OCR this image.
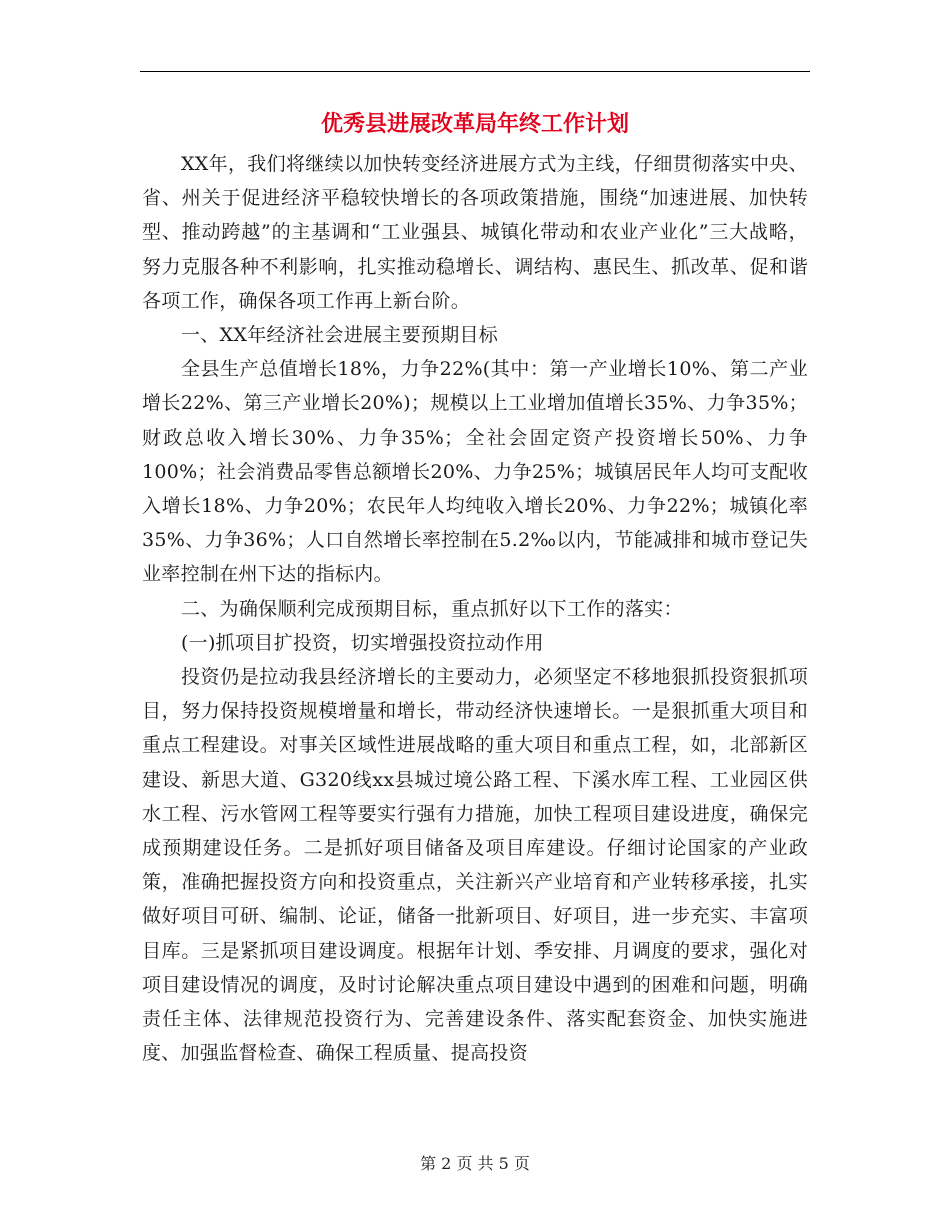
优秀县进展改革局年终工作计划

XX年，我们将继续以加快转变经济进展方式为主线，仔细贯彻落实中央、省、州关于促进经济平稳较快增长的各项政策措施，围绕“加速进展、加快转型、推动跨越”的主基调和“工业强县、城镇化带动和农业产业化”三大战略，努力克服各种不利影响，扎实推动稳增长、调结构、惠民生、抓改革、促和谐各项工作，确保各项工作再上新台阶。

一、XX年经济社会进展主要预期目标

全县生产总值增长18%，力争22%(其中：第一产业增长10%、第二产业增长22%、第三产业增长20%)；规模以上工业增加值增长35%、力争35%；财政总收入增长30%、力争35%；全社会固定资产投资增长50%、力争100%；社会消费品零售总额增长20%、力争25%；城镇居民年人均可支配收入增长18%、力争20%；农民年人均纯收入增长20%、力争22%；城镇化率35%、力争36%；人口自然增长率控制在5.2‰以内，节能减排和城市登记失业率控制在州下达的指标内。

二、为确保顺利完成预期目标，重点抓好以下工作的落实：

(一)抓项目扩投资，切实增强投资拉动作用

投资仍是拉动我县经济增长的主要动力，必须坚定不移地狠抓投资狠抓项目，努力保持投资规模增量和增长，带动经济快速增长。一是狠抓重大项目和重点工程建设。对事关区域性进展战略的重大项目和重点工程，如，北部新区建设、新思大道、G320线xx县城过境公路工程、下溪水库工程、工业园区供水工程、污水管网工程等要实行强有力措施，加快工程项目建设进度，确保完成预期建设任务。二是抓好项目储备及项目库建设。仔细讨论国家的产业政策，准确把握投资方向和投资重点，关注新兴产业培育和产业转移承接，扎实做好项目可研、编制、论证，储备一批新项目、好项目，进一步充实、丰富项目库。三是紧抓项目建设调度。根据年计划、季安排、月调度的要求，强化对项目建设情况的调度，及时讨论解决重点项目建设中遇到的困难和问题，明确责任主体、法律规范投资行为、完善建设条件、落实配套资金、加快实施进度、加强监督检查、确保工程质量、提高投资

第 2 页 共 5 页
